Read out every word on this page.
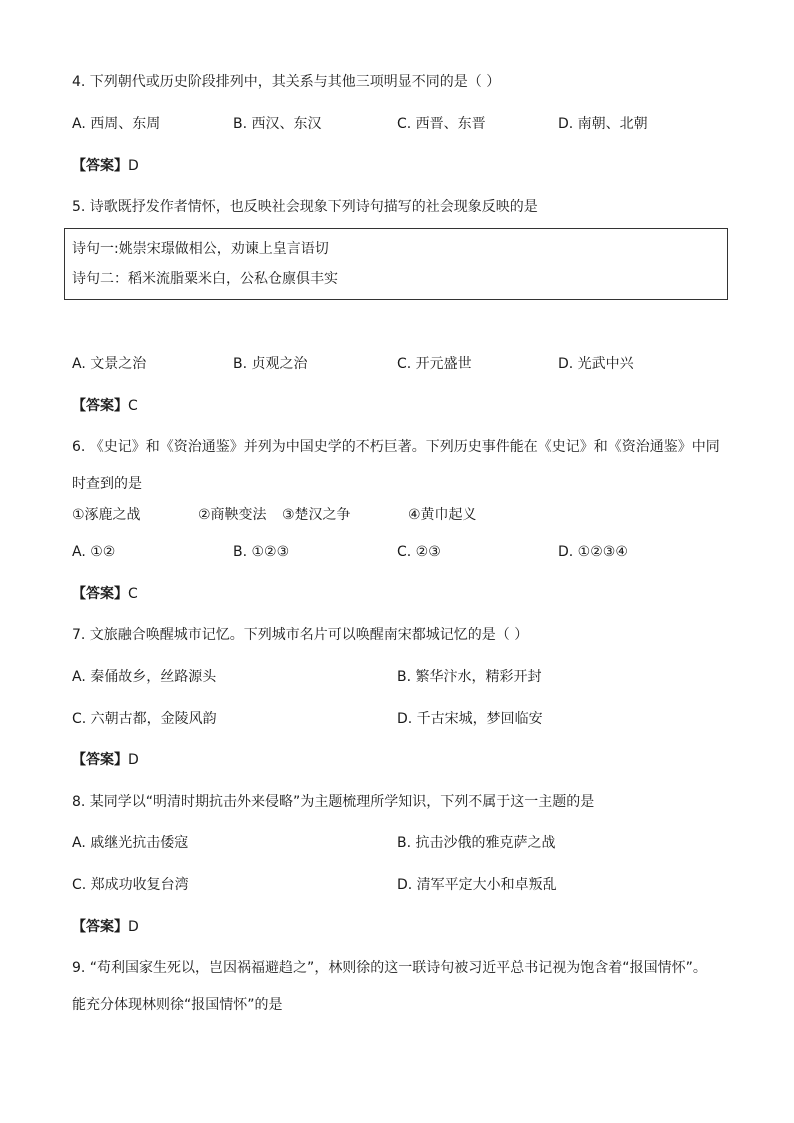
4. 下列朝代或历史阶段排列中，其关系与其他三项明显不同的是（ ）
A. 西周、东周	B. 西汉、东汉	C. 西晋、东晋	D. 南朝、北朝
【答案】D
5. 诗歌既抒发作者情怀，也反映社会现象下列诗句描写的社会现象反映的是
诗句一:姚崇宋璟做相公，劝谏上皇言语切
诗句二：稻米流脂粟米白，公私仓廪俱丰实
A. 文景之治	B. 贞观之治	C. 开元盛世	D. 光武中兴
【答案】C
6. 《史记》和《资治通鉴》并列为中国史学的不朽巨著。下列历史事件能在《史记》和《资治通鉴》中同
时查到的是
①涿鹿之战	②商鞅变法 ③楚汉之争	④黄巾起义
A. ①②	B. ①②③	C. ②③	D. ①②③④
【答案】C
7. 文旅融合唤醒城市记忆。下列城市名片可以唤醒南宋都城记忆的是（ ）
A. 秦俑故乡，丝路源头	B. 繁华汴水，精彩开封
C. 六朝古都，金陵风韵	D. 千古宋城，梦回临安
【答案】D
8. 某同学以“明清时期抗击外来侵略”为主题梳理所学知识，下列不属于这一主题的是
A. 戚继光抗击倭寇	B. 抗击沙俄的雅克萨之战
C. 郑成功收复台湾	D. 清军平定大小和卓叛乱
【答案】D
9. “苟利国家生死以，岂因祸福避趋之”，林则徐的这一联诗句被习近平总书记视为饱含着“报国情怀”。
能充分体现林则徐“报国情怀”的是
